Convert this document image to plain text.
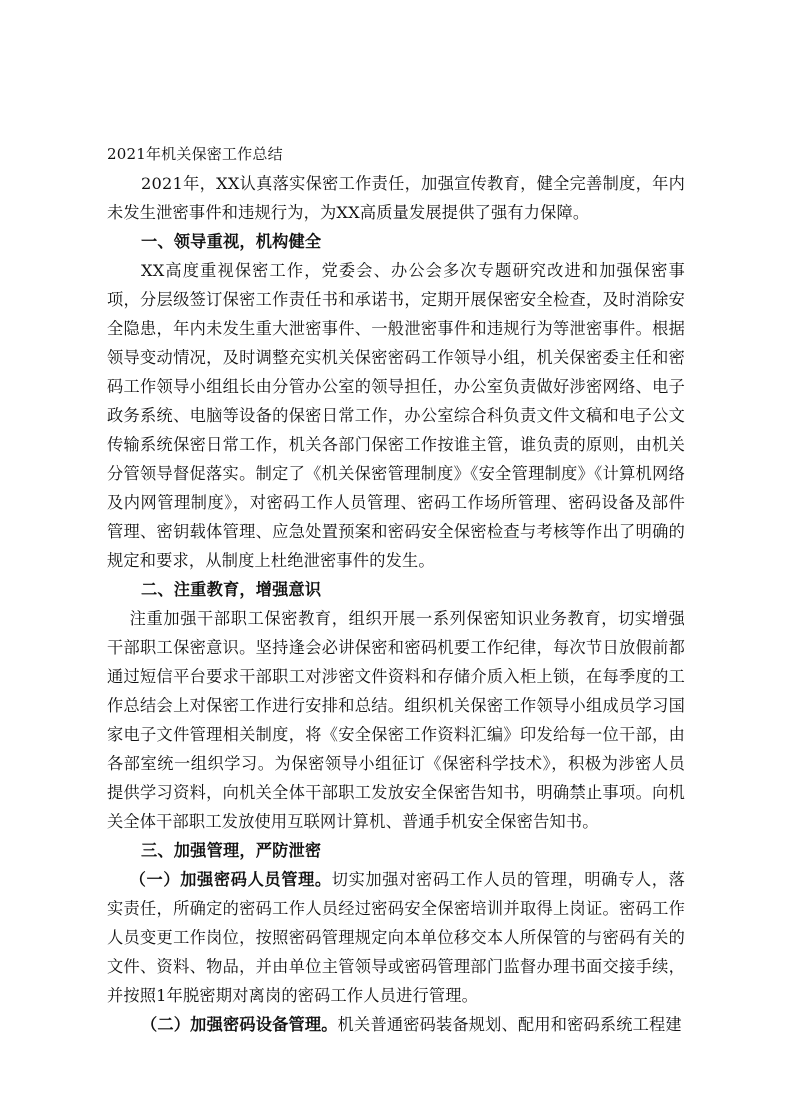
2021年机关保密工作总结

2021年，XX认真落实保密工作责任，加强宣传教育，健全完善制度，年内未发生泄密事件和违规行为，为XX高质量发展提供了强有力保障。

一、领导重视，机构健全

XX高度重视保密工作，党委会、办公会多次专题研究改进和加强保密事项，分层级签订保密工作责任书和承诺书，定期开展保密安全检查，及时消除安全隐患，年内未发生重大泄密事件、一般泄密事件和违规行为等泄密事件。根据领导变动情况，及时调整充实机关保密密码工作领导小组，机关保密委主任和密码工作领导小组组长由分管办公室的领导担任，办公室负责做好涉密网络、电子政务系统、电脑等设备的保密日常工作，办公室综合科负责文件文稿和电子公文传输系统保密日常工作，机关各部门保密工作按谁主管，谁负责的原则，由机关分管领导督促落实。制定了《机关保密管理制度》《安全管理制度》《计算机网络及内网管理制度》，对密码工作人员管理、密码工作场所管理、密码设备及部件管理、密钥载体管理、应急处置预案和密码安全保密检查与考核等作出了明确的规定和要求，从制度上杜绝泄密事件的发生。

二、注重教育，增强意识

注重加强干部职工保密教育，组织开展一系列保密知识业务教育，切实增强干部职工保密意识。坚持逢会必讲保密和密码机要工作纪律，每次节日放假前都通过短信平台要求干部职工对涉密文件资料和存储介质入柜上锁，在每季度的工作总结会上对保密工作进行安排和总结。组织机关保密工作领导小组成员学习国家电子文件管理相关制度，将《安全保密工作资料汇编》印发给每一位干部，由各部室统一组织学习。为保密领导小组征订《保密科学技术》，积极为涉密人员提供学习资料，向机关全体干部职工发放安全保密告知书，明确禁止事项。向机关全体干部职工发放使用互联网计算机、普通手机安全保密告知书。

三、加强管理，严防泄密

（一）加强密码人员管理。切实加强对密码工作人员的管理，明确专人，落实责任，所确定的密码工作人员经过密码安全保密培训并取得上岗证。密码工作人员变更工作岗位，按照密码管理规定向本单位移交本人所保管的与密码有关的文件、资料、物品，并由单位主管领导或密码管理部门监督办理书面交接手续，并按照1年脱密期对离岗的密码工作人员进行管理。

（二）加强密码设备管理。机关普通密码装备规划、配用和密码系统工程建
